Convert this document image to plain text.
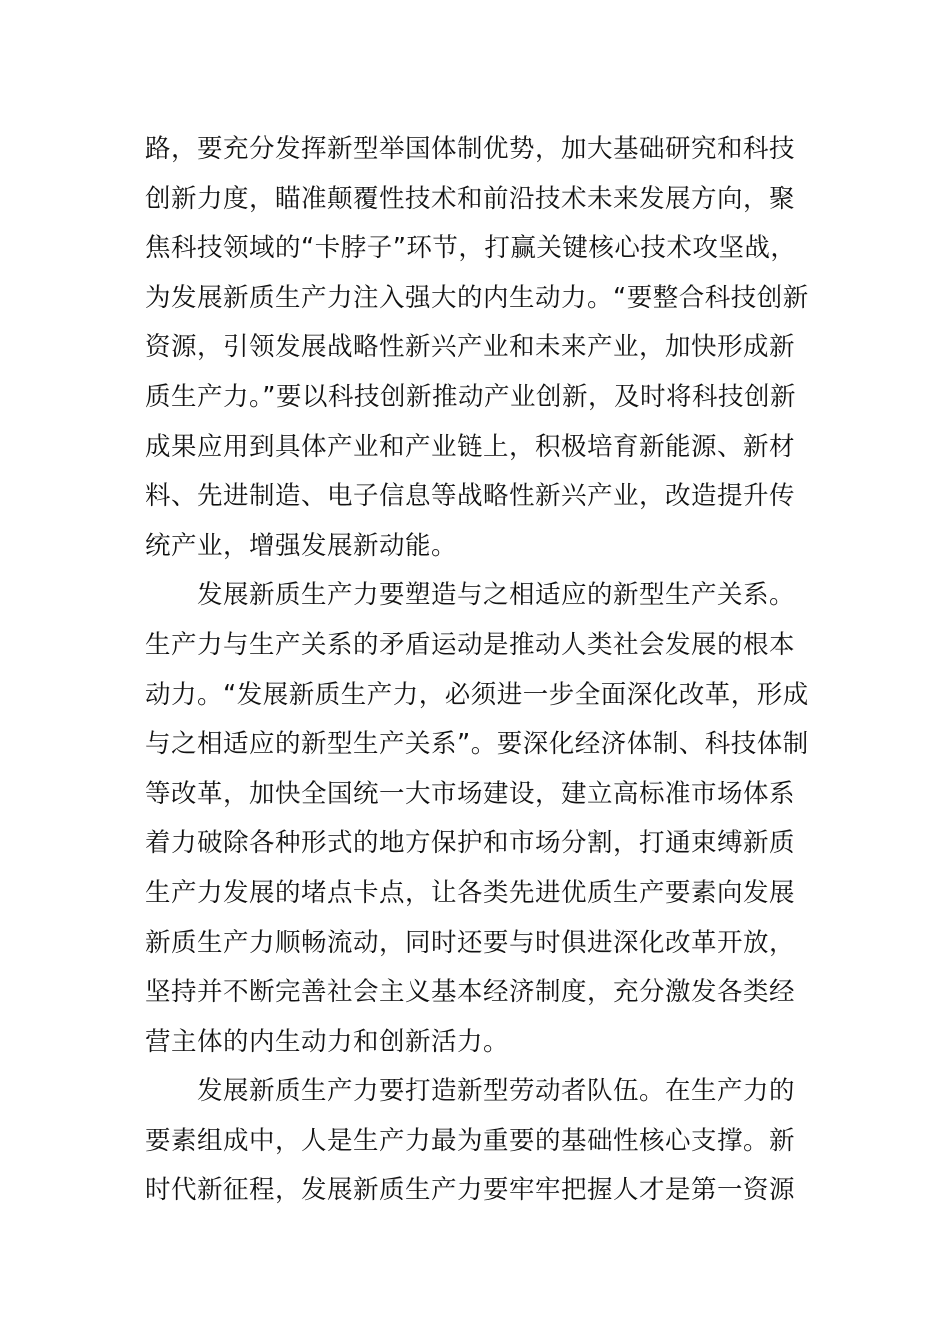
路，要充分发挥新型举国体制优势，加大基础研究和科技
创新力度，瞄准颠覆性技术和前沿技术未来发展方向，聚
焦科技领域的“卡脖子”环节，打赢关键核心技术攻坚战，
为发展新质生产力注入强大的内生动力。“要整合科技创新
资源，引领发展战略性新兴产业和未来产业，加快形成新
质生产力。”要以科技创新推动产业创新，及时将科技创新
成果应用到具体产业和产业链上，积极培育新能源、新材
料、先进制造、电子信息等战略性新兴产业，改造提升传
统产业，增强发展新动能。
发展新质生产力要塑造与之相适应的新型生产关系。
生产力与生产关系的矛盾运动是推动人类社会发展的根本
动力。“发展新质生产力，必须进一步全面深化改革，形成
与之相适应的新型生产关系”。要深化经济体制、科技体制
等改革，加快全国统一大市场建设，建立高标准市场体系
着力破除各种形式的地方保护和市场分割，打通束缚新质
生产力发展的堵点卡点，让各类先进优质生产要素向发展
新质生产力顺畅流动，同时还要与时俱进深化改革开放，
坚持并不断完善社会主义基本经济制度，充分激发各类经
营主体的内生动力和创新活力。
发展新质生产力要打造新型劳动者队伍。在生产力的
要素组成中，人是生产力最为重要的基础性核心支撑。新
时代新征程，发展新质生产力要牢牢把握人才是第一资源
